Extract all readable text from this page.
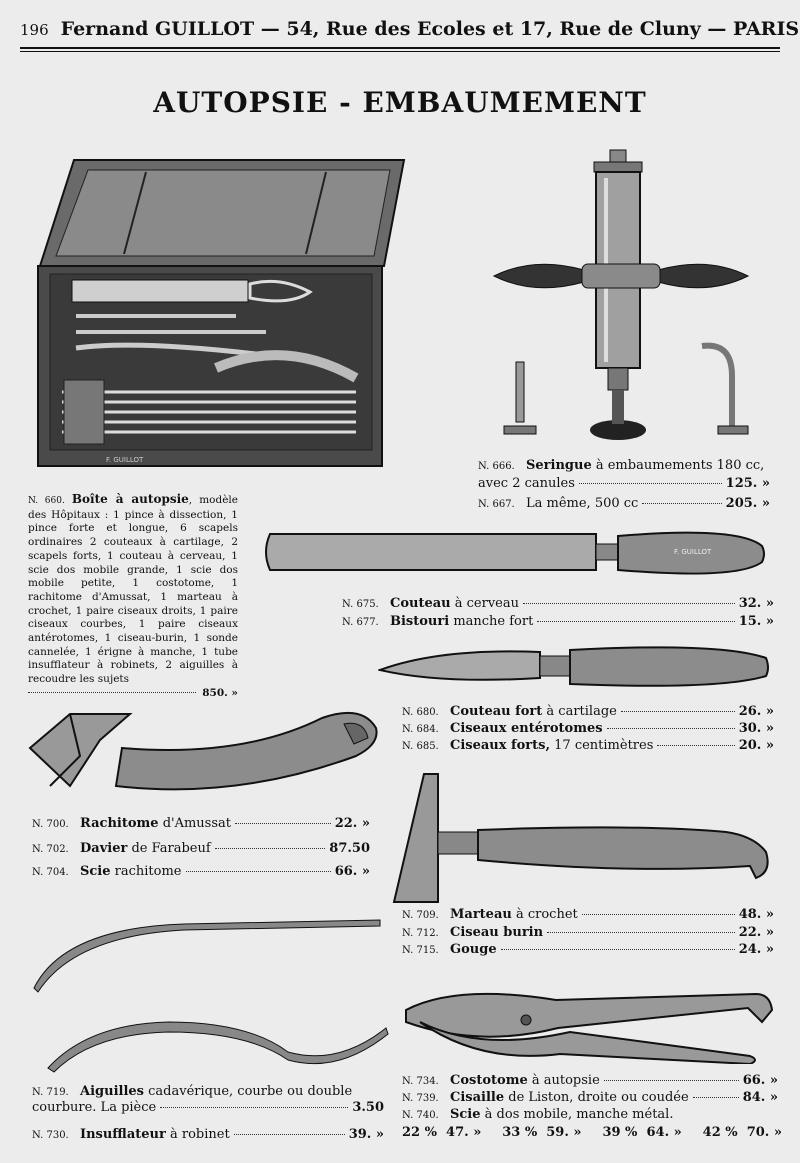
196 Fernand GUILLOT — 54, Rue des Ecoles et 17, Rue de Cluny — PARIS
AUTOPSIE - EMBAUMEMENT
F. GUILLOT
N. 660. Boîte à autopsie, modèle des Hôpitaux : 1 pince à dissection, 1 pince forte et longue, 6 scapels ordinaires 2 couteaux à cartilage, 2 scapels forts, 1 couteau à cerveau, 1 scie dos mobile grande, 1 scie dos mobile petite, 1 costotome, 1 rachitome d'Amussat, 1 marteau à crochet, 1 paire ciseaux droits, 1 paire ciseaux courbes, 1 paire ciseaux antérotomes, 1 ciseau-burin, 1 sonde cannelée, 1 érigne à manche, 1 tube insufflateur à robinets, 2 aiguilles à recoudre les sujets
850. »
N. 666. Seringue
à embaumements 180 cc,
avec 2 canules	125. »
N. 667. La même, 500 cc	205. »
F. GUILLOT
N. 675. Couteau
à cerveau	32. »
N. 677. Bistouri
manche fort	15. »
N. 680. Couteau fort
à cartilage	26. »
N. 684. Ciseaux entérotomes	30. »
N. 685. Ciseaux forts,
17 centimètres	20. »
N. 700. Rachitome
d'Amussat	22. »
N. 702. Davier
de Farabeuf	87.50
N. 704. Scie
rachitome	66. »
N. 709. Marteau
à crochet	48. »
N. 712. Ciseau burin	22. »
N. 715. Gouge	24. »
N. 719. Aiguilles
cadavérique, courbe ou double
courbure. La pièce	3.50
N. 730. Insufflateur
à robinet	39. »
N. 734. Costotome
à autopsie	66. »
N. 739. Cisaille
de Liston, droite ou coudée	84. »
N. 740. Scie
à dos mobile, manche métal.
22 % 47. » 33 % 59. » 39 % 64. » 42 % 70. »
